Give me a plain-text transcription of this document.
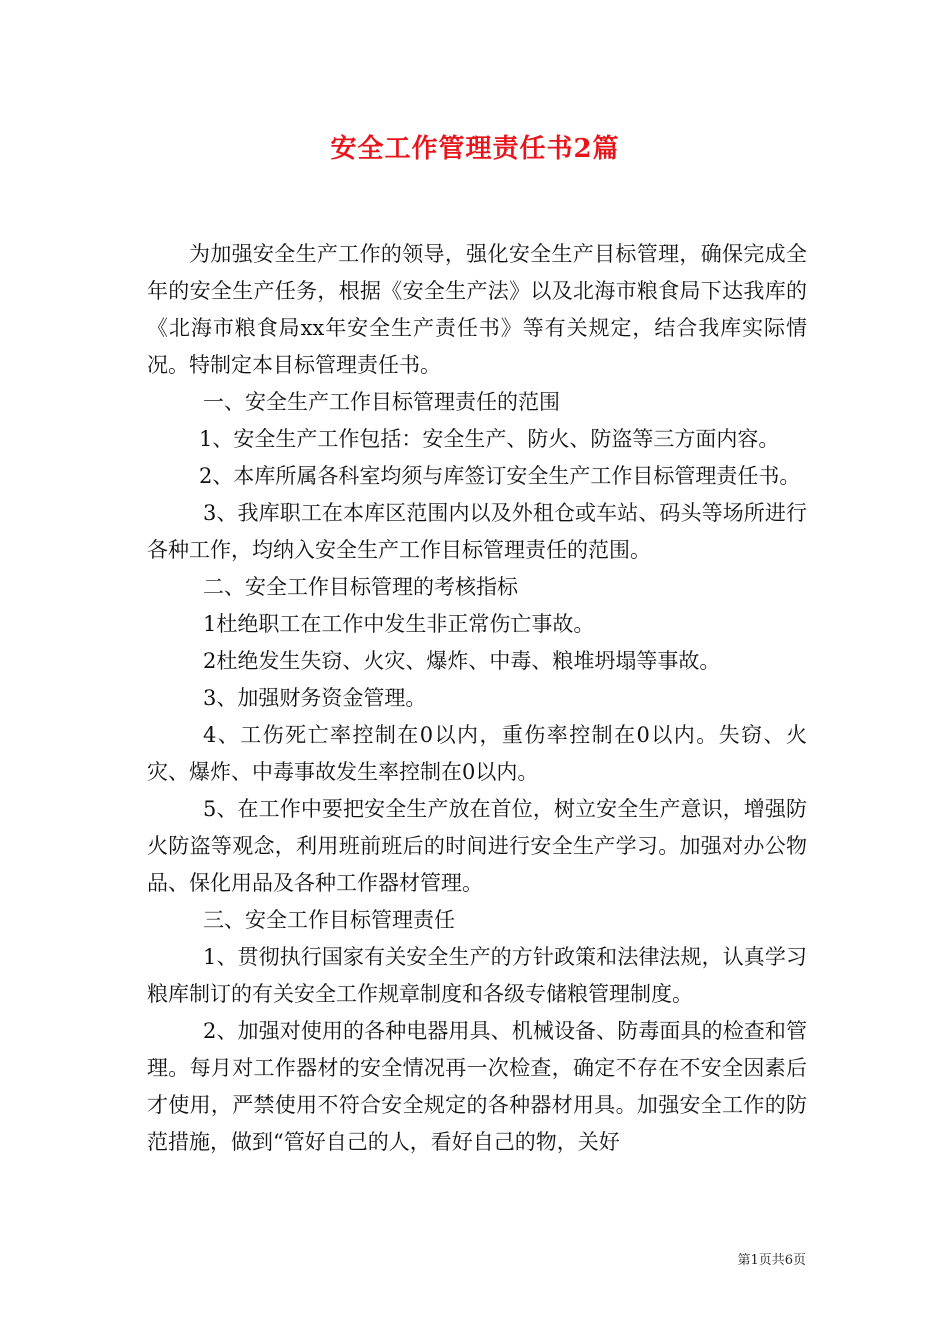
安全工作管理责任书2篇

为加强安全生产工作的领导，强化安全生产目标管理，确保完成全年的安全生产任务，根据《安全生产法》以及北海市粮食局下达我库的《北海市粮食局xx年安全生产责任书》等有关规定，结合我库实际情况。特制定本目标管理责任书。

一、安全生产工作目标管理责任的范围

1、安全生产工作包括：安全生产、防火、防盗等三方面内容。

2、本库所属各科室均须与库签订安全生产工作目标管理责任书。

3、我库职工在本库区范围内以及外租仓或车站、码头等场所进行各种工作，均纳入安全生产工作目标管理责任的范围。

二、安全工作目标管理的考核指标

1杜绝职工在工作中发生非正常伤亡事故。

2杜绝发生失窃、火灾、爆炸、中毒、粮堆坍塌等事故。

3、加强财务资金管理。

4、工伤死亡率控制在0以内，重伤率控制在0以内。失窃、火灾、爆炸、中毒事故发生率控制在0以内。

5、在工作中要把安全生产放在首位，树立安全生产意识，增强防火防盗等观念，利用班前班后的时间进行安全生产学习。加强对办公物品、保化用品及各种工作器材管理。

三、安全工作目标管理责任

1、贯彻执行国家有关安全生产的方针政策和法律法规，认真学习粮库制订的有关安全工作规章制度和各级专储粮管理制度。

2、加强对使用的各种电器用具、机械设备、防毒面具的检查和管理。每月对工作器材的安全情况再一次检查，确定不存在不安全因素后才使用，严禁使用不符合安全规定的各种器材用具。加强安全工作的防范措施，做到“管好自己的人，看好自己的物，关好

第1页共6页
